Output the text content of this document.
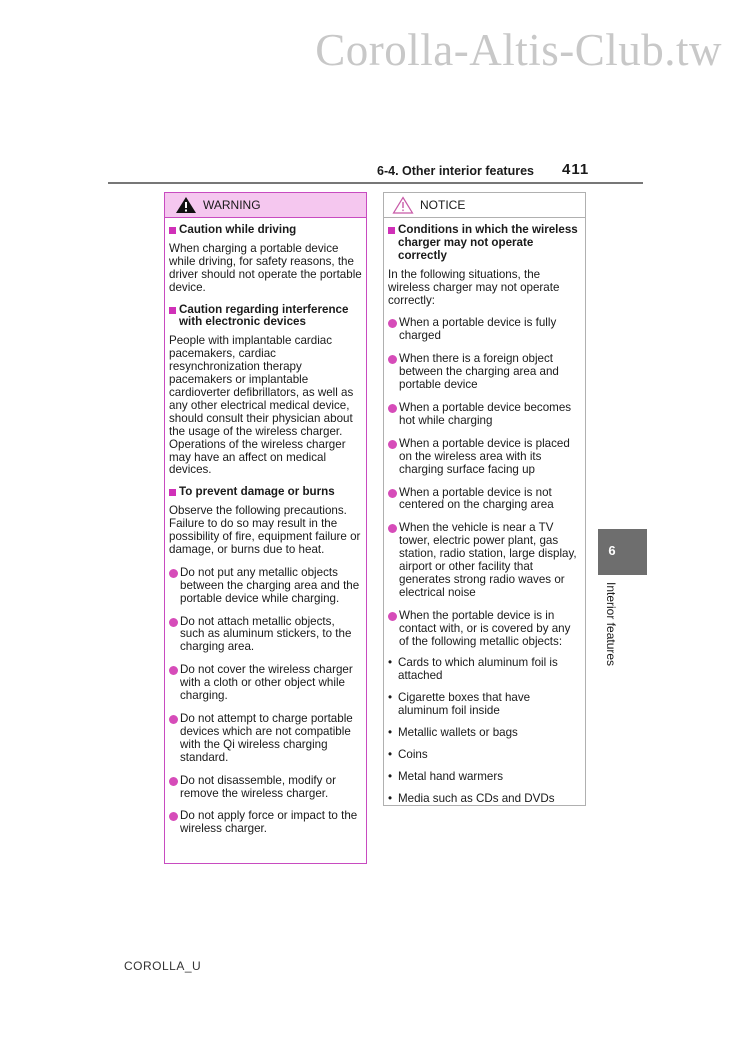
Corolla-Altis-Club.tw
6-4. Other interior features 411
WARNING
Caution while driving
When charging a portable device while driving, for safety reasons, the driver should not operate the portable device.
Caution regarding interference with electronic devices
People with implantable cardiac pacemakers, cardiac resynchronization therapy pacemakers or implantable cardioverter defibrillators, as well as any other electrical medical device, should consult their physician about the usage of the wireless charger.
Operations of the wireless charger may have an affect on medical devices.
To prevent damage or burns
Observe the following precautions.
Failure to do so may result in the possibility of fire, equipment failure or damage, or burns due to heat.
Do not put any metallic objects between the charging area and the portable device while charging.
Do not attach metallic objects, such as aluminum stickers, to the charging area.
Do not cover the wireless charger with a cloth or other object while charging.
Do not attempt to charge portable devices which are not compatible with the Qi wireless charging standard.
Do not disassemble, modify or remove the wireless charger.
Do not apply force or impact to the wireless charger.
NOTICE
Conditions in which the wireless charger may not operate correctly
In the following situations, the wireless charger may not operate correctly:
When a portable device is fully charged
When there is a foreign object between the charging area and portable device
When a portable device becomes hot while charging
When a portable device is placed on the wireless area with its charging surface facing up
When a portable device is not centered on the charging area
When the vehicle is near a TV tower, electric power plant, gas station, radio station, large display, airport or other facility that generates strong radio waves or electrical noise
When the portable device is in contact with, or is covered by any of the following metallic objects:
• Cards to which aluminum foil is attached
• Cigarette boxes that have aluminum foil inside
• Metallic wallets or bags
• Coins
• Metal hand warmers
• Media such as CDs and DVDs
6
Interior features
COROLLA_U
